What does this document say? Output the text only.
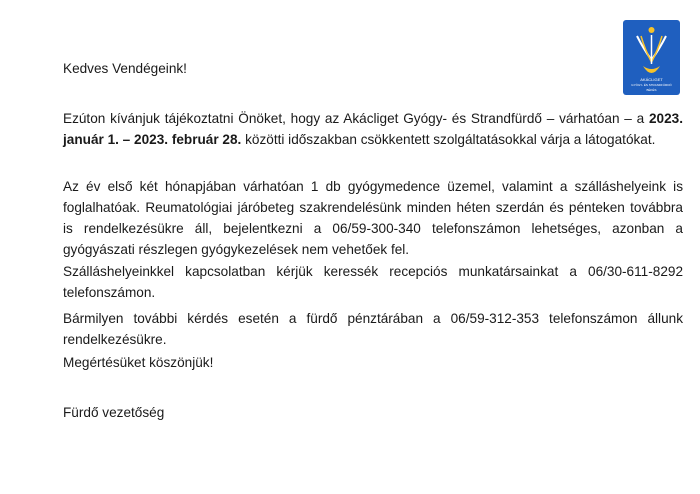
AKÁCLIGET
GYÓGY- ÉS STRANDFÜRDŐ
BÉKÉS
Kedves Vendégeink!
Ezúton kívánjuk tájékoztatni Önöket, hogy az Akácliget Gyógy- és Strandfürdő – várhatóan – a 2023. január 1. – 2023. február 28. közötti időszakban csökkentett szolgáltatásokkal várja a látogatókat.
Az év első két hónapjában várhatóan 1 db gyógymedence üzemel, valamint a szálláshelyeink is foglalhatóak. Reumatológiai járóbeteg szakrendelésünk minden héten szerdán és pénteken továbbra is rendelkezésükre áll, bejelentkezni a 06/59-300-340 telefonszámon lehetséges, azonban a gyógyászati részlegen gyógykezelések nem vehetőek fel.
Szálláshelyeinkkel kapcsolatban kérjük keressék recepciós munkatársainkat a 06/30-611-8292 telefonszámon.
Bármilyen további kérdés esetén a fürdő pénztárában a 06/59-312-353 telefonszámon állunk rendelkezésükre.
Megértésüket köszönjük!
Fürdő vezetőség
